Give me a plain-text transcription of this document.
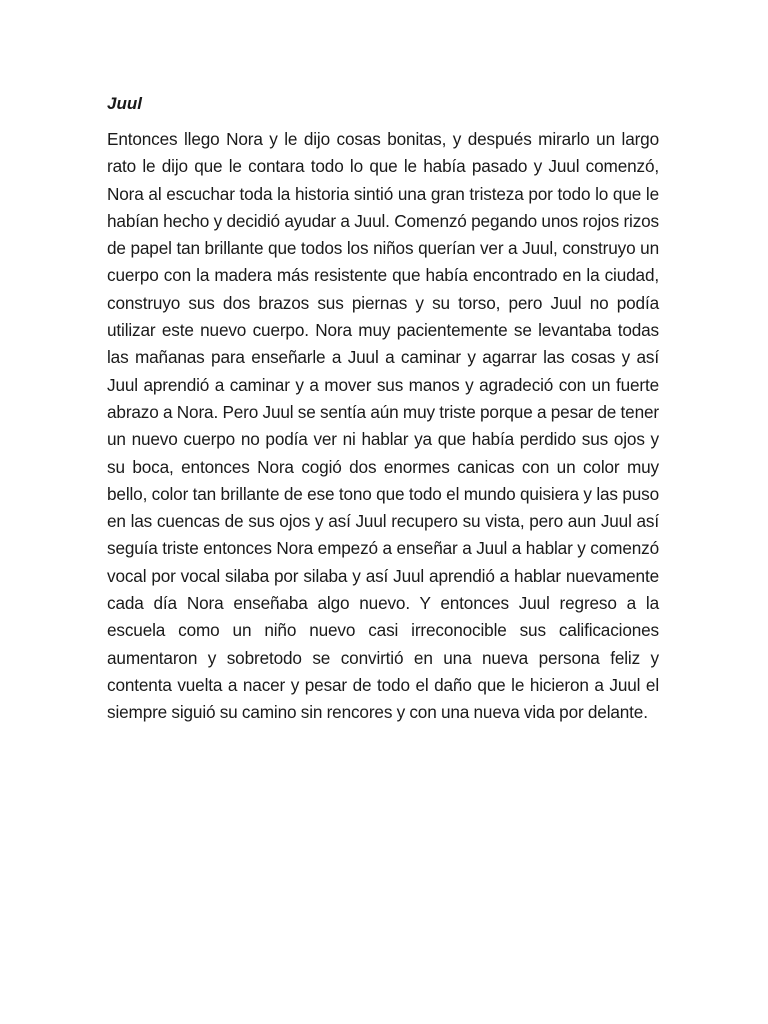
Juul

Entonces llego Nora y le dijo cosas bonitas, y después mirarlo un largo rato le dijo que le contara todo lo que le había pasado y Juul comenzó, Nora al escuchar toda la historia sintió una gran tristeza por todo lo que le habían hecho y decidió ayudar a Juul. Comenzó pegando unos rojos rizos de papel tan brillante que todos los niños querían ver a Juul, construyo un cuerpo con la madera más resistente que había encontrado en la ciudad, construyo sus dos brazos sus piernas y su torso, pero Juul no podía utilizar este nuevo cuerpo. Nora muy pacientemente se levantaba todas las mañanas para enseñarle a Juul a caminar y agarrar las cosas y así Juul aprendió a caminar y a mover sus manos y agradeció con un fuerte abrazo a Nora. Pero Juul se sentía aún muy triste porque a pesar de tener un nuevo cuerpo no podía ver ni hablar ya que había perdido sus ojos y su boca, entonces Nora cogió dos enormes canicas con un color muy bello, color tan brillante de ese tono que todo el mundo quisiera y las puso en las cuencas de sus ojos y así Juul recupero su vista, pero aun Juul así seguía triste entonces Nora empezó a enseñar a Juul a hablar y comenzó vocal por vocal silaba por silaba y así Juul aprendió a hablar nuevamente cada día Nora enseñaba algo nuevo. Y entonces Juul regreso a la escuela como un niño nuevo casi irreconocible sus calificaciones aumentaron y sobretodo se convirtió en una nueva persona feliz y contenta vuelta a nacer y pesar de todo el daño que le hicieron a Juul el siempre siguió su camino sin rencores y con una nueva vida por delante.
